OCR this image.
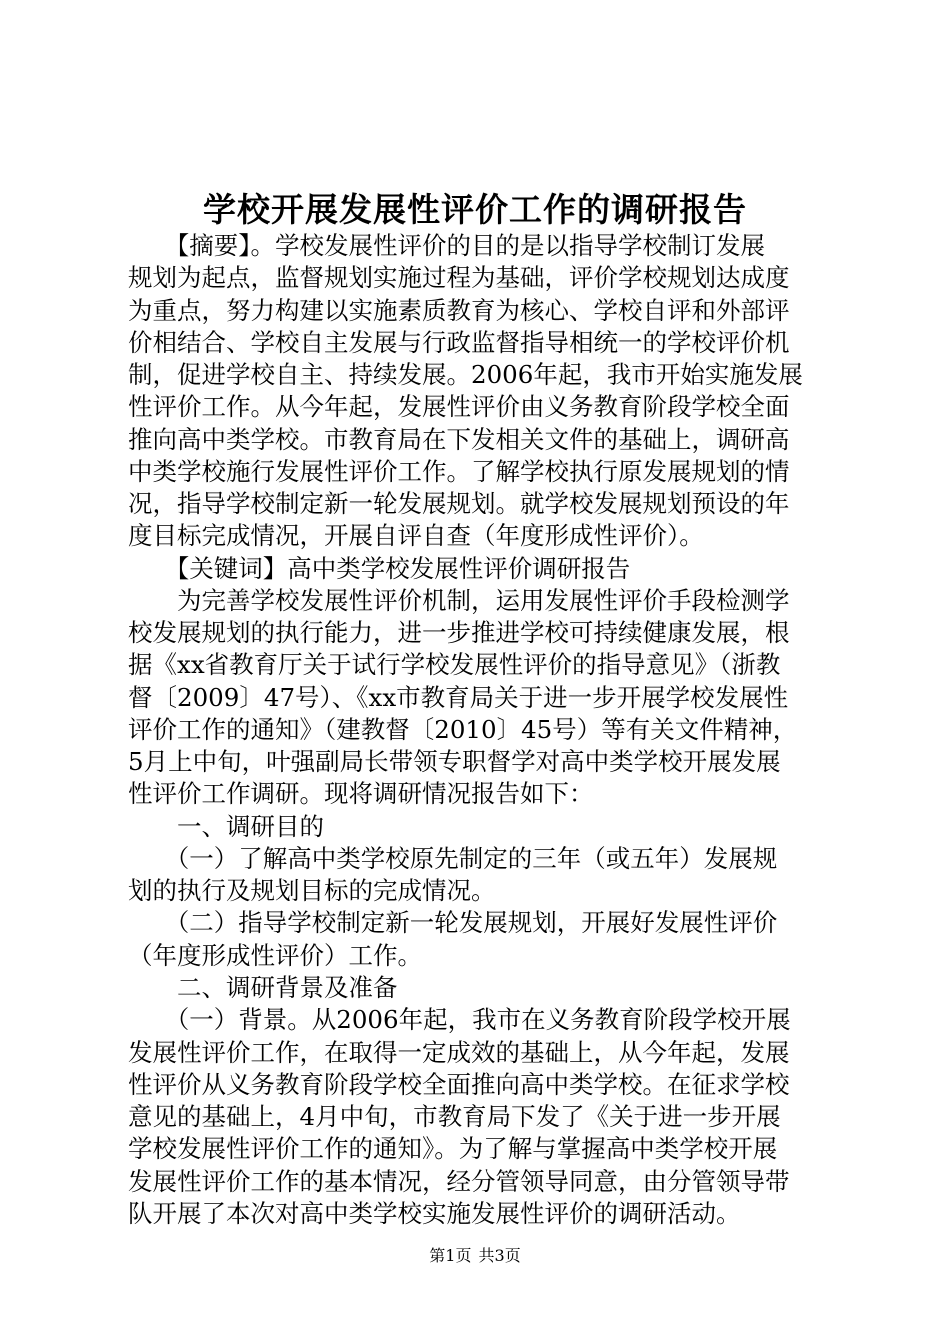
学校开展发展性评价工作的调研报告
　　【摘要】。学校发展性评价的目的是以指导学校制订发展
规划为起点，监督规划实施过程为基础，评价学校规划达成度
为重点，努力构建以实施素质教育为核心、学校自评和外部评
价相结合、学校自主发展与行政监督指导相统一的学校评价机
制，促进学校自主、持续发展。2006年起，我市开始实施发展
性评价工作。从今年起，发展性评价由义务教育阶段学校全面
推向高中类学校。市教育局在下发相关文件的基础上，调研高
中类学校施行发展性评价工作。了解学校执行原发展规划的情
况，指导学校制定新一轮发展规划。就学校发展规划预设的年
度目标完成情况，开展自评自查（年度形成性评价）。
　　【关键词】高中类学校发展性评价调研报告
　　为完善学校发展性评价机制，运用发展性评价手段检测学
校发展规划的执行能力，进一步推进学校可持续健康发展，根
据《xx省教育厅关于试行学校发展性评价的指导意见》（浙教
督〔2009〕47号）、《xx市教育局关于进一步开展学校发展性
评价工作的通知》（建教督〔2010〕45号）等有关文件精神，
5月上中旬，叶强副局长带领专职督学对高中类学校开展发展
性评价工作调研。现将调研情况报告如下：
　　一、调研目的
　　（一）了解高中类学校原先制定的三年（或五年）发展规
划的执行及规划目标的完成情况。
　　（二）指导学校制定新一轮发展规划，开展好发展性评价
（年度形成性评价）工作。
　　二、调研背景及准备
　　（一）背景。从2006年起，我市在义务教育阶段学校开展
发展性评价工作，在取得一定成效的基础上，从今年起，发展
性评价从义务教育阶段学校全面推向高中类学校。在征求学校
意见的基础上，4月中旬，市教育局下发了《关于进一步开展
学校发展性评价工作的通知》。为了解与掌握高中类学校开展
发展性评价工作的基本情况，经分管领导同意，由分管领导带
队开展了本次对高中类学校实施发展性评价的调研活动。
第1页 共3页
